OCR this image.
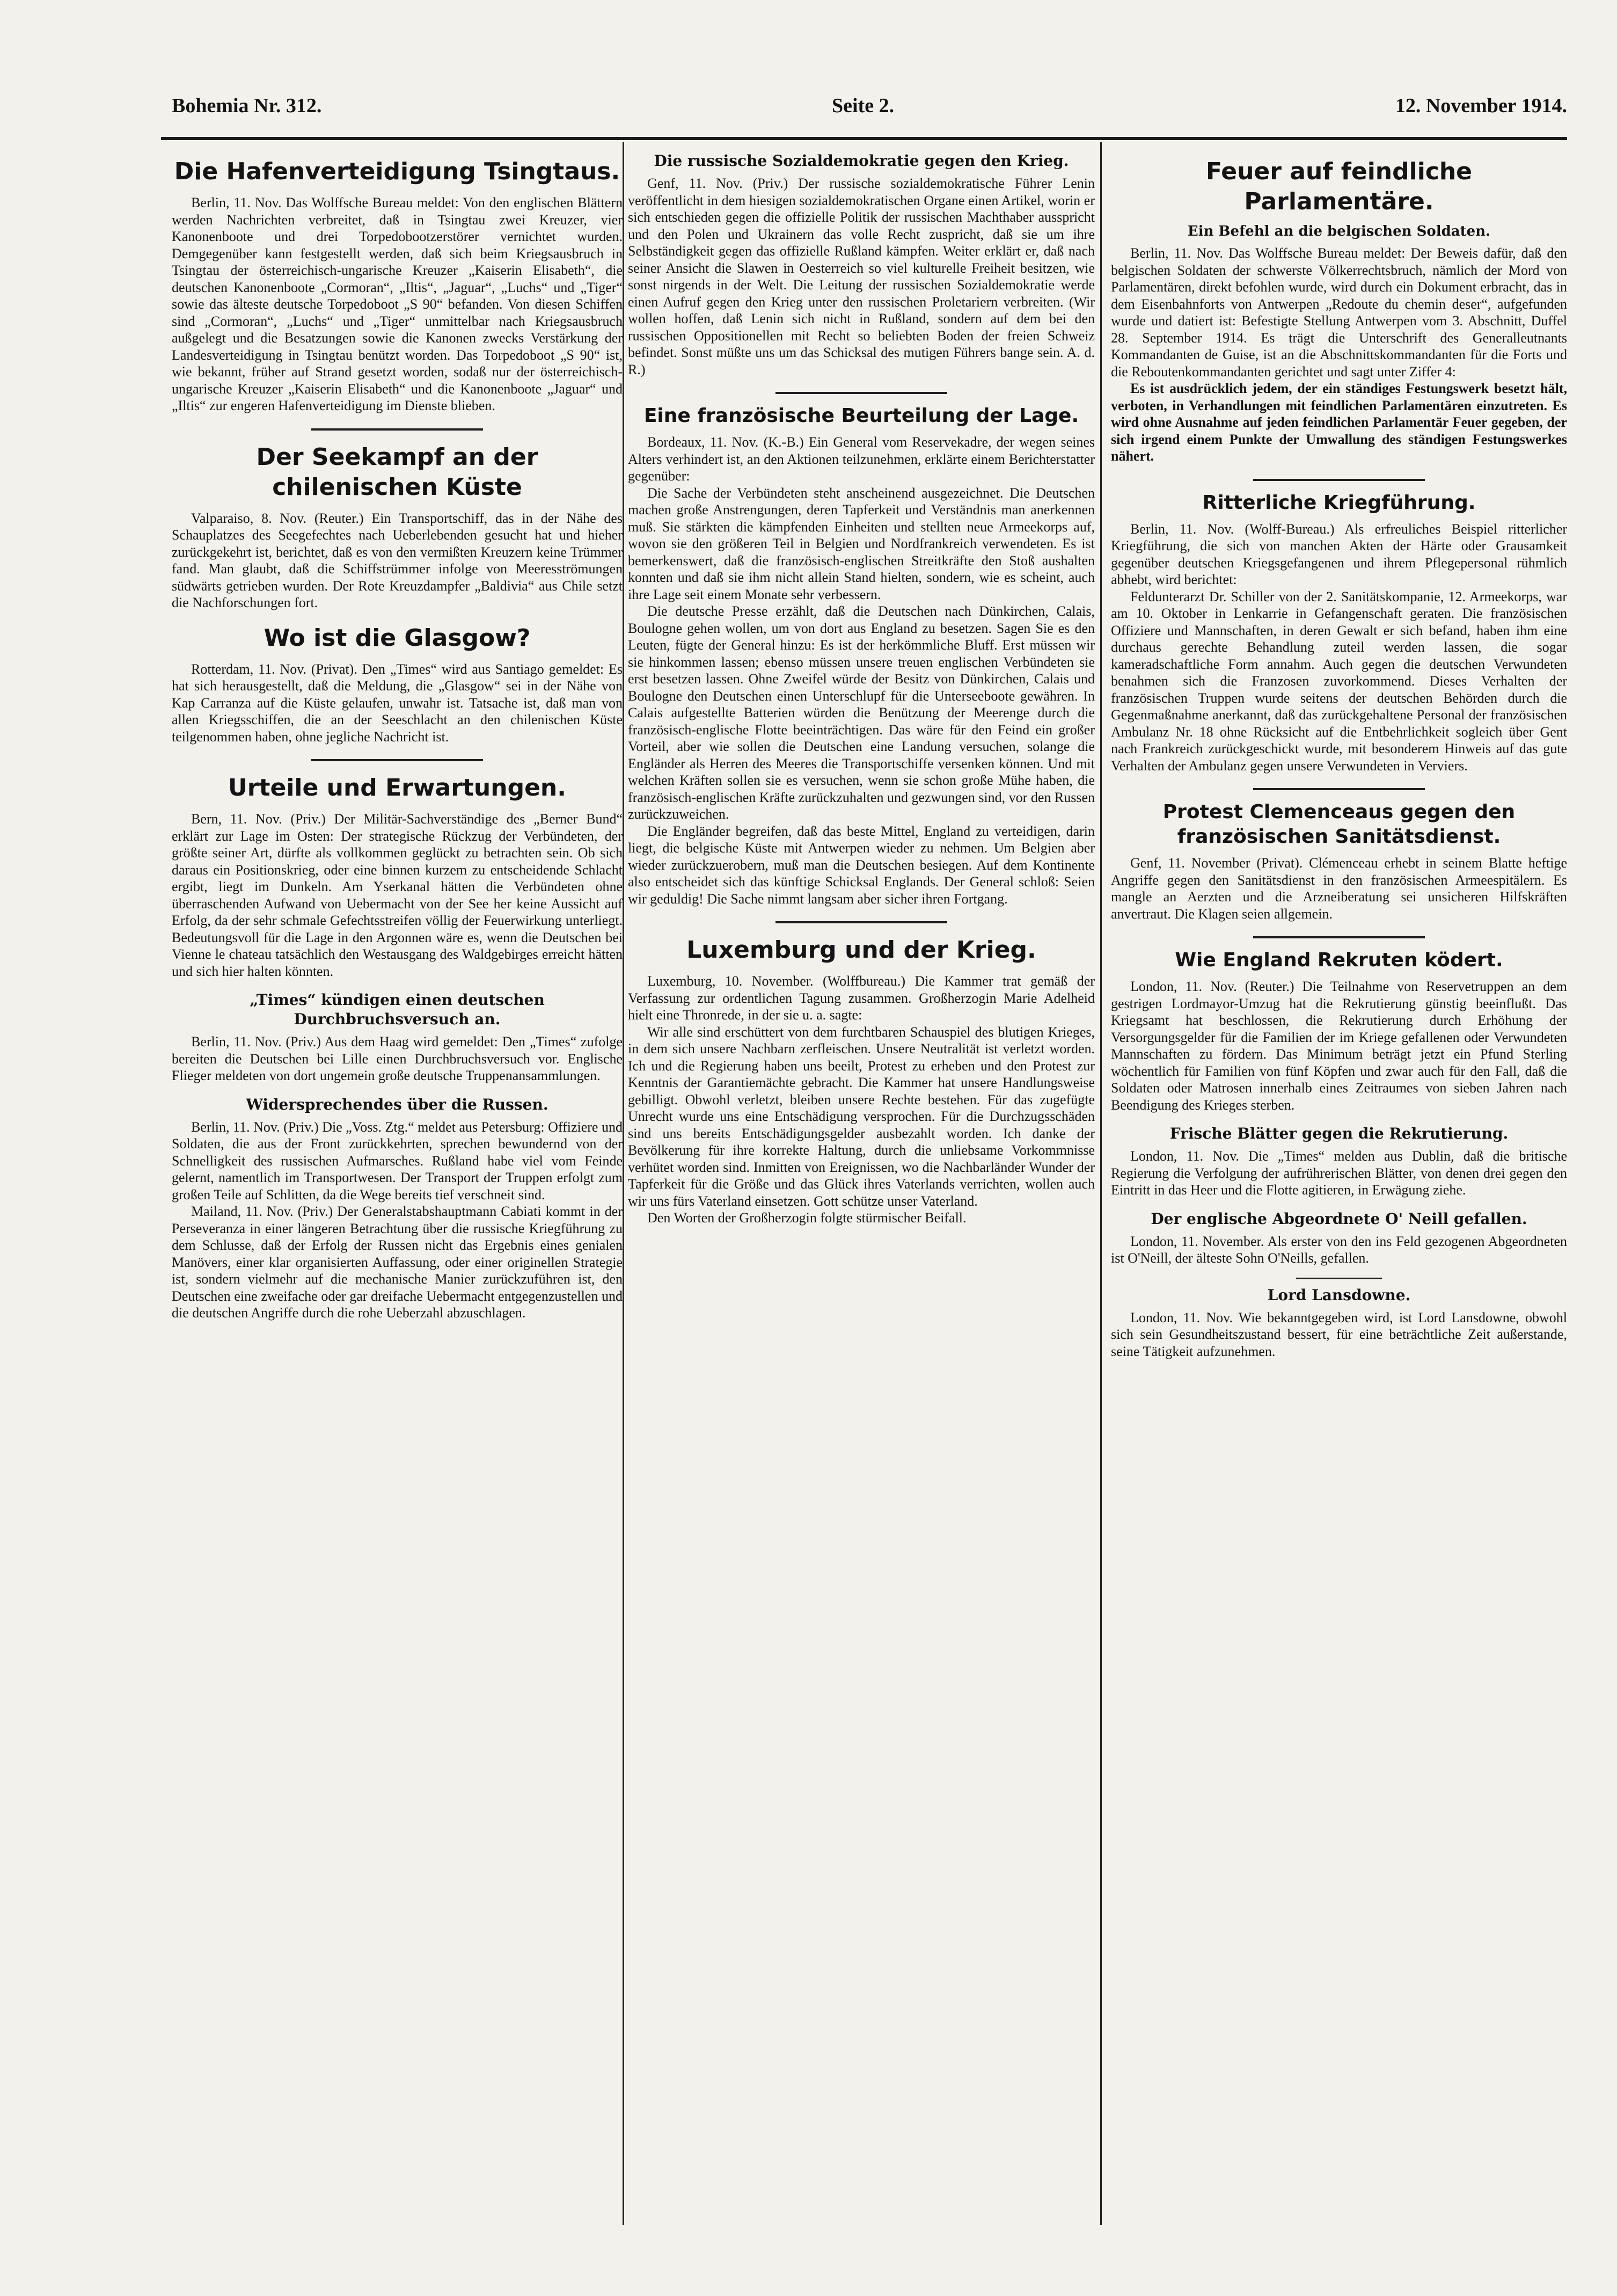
Bohemia Nr. 312.	Seite 2.	12. November 1914.
Die Hafenverteidigung Tsingtaus.

Berlin, 11. Nov. Das Wolffsche Bureau meldet: Von den englischen Blättern werden Nachrichten verbreitet, daß in Tsingtau zwei Kreuzer, vier Kanonenboote und drei Torpedobootzerstörer vernichtet wurden. Demgegenüber kann festgestellt werden, daß sich beim Kriegsausbruch in Tsingtau der österreichisch-ungarische Kreuzer „Kaiserin Elisabeth“, die deutschen Kanonenboote „Cormoran“, „Iltis“, „Jaguar“, „Luchs“ und „Tiger“ sowie das älteste deutsche Torpedoboot „S 90“ befanden. Von diesen Schiffen sind „Cormoran“, „Luchs“ und „Tiger“ unmittelbar nach Kriegsausbruch außgelegt und die Besatzungen sowie die Kanonen zwecks Verstärkung der Landesverteidigung in Tsingtau benützt worden. Das Torpedoboot „S 90“ ist, wie bekannt, früher auf Strand gesetzt worden, sodaß nur der österreichisch-ungarische Kreuzer „Kaiserin Elisabeth“ und die Kanonenboote „Jaguar“ und „Iltis“ zur engeren Hafenverteidigung im Dienste blieben.

Der Seekampf an der chilenischen Küste

Valparaiso, 8. Nov. (Reuter.) Ein Transportschiff, das in der Nähe des Schauplatzes des Seegefechtes nach Ueberlebenden gesucht hat und hieher zurückgekehrt ist, berichtet, daß es von den vermißten Kreuzern keine Trümmer fand. Man glaubt, daß die Schiffstrümmer infolge von Meeresströmungen südwärts getrieben wurden. Der Rote Kreuzdampfer „Baldivia“ aus Chile setzt die Nachforschungen fort.

Wo ist die Glasgow?

Rotterdam, 11. Nov. (Privat). Den „Times“ wird aus Santiago gemeldet: Es hat sich herausgestellt, daß die Meldung, die „Glasgow“ sei in der Nähe von Kap Carranza auf die Küste gelaufen, unwahr ist. Tatsache ist, daß man von allen Kriegsschiffen, die an der Seeschlacht an den chilenischen Küste teilgenommen haben, ohne jegliche Nachricht ist.

Urteile und Erwartungen.

Bern, 11. Nov. (Priv.) Der Militär-Sachverständige des „Berner Bund“ erklärt zur Lage im Osten: Der strategische Rückzug der Verbündeten, der größte seiner Art, dürfte als vollkommen geglückt zu betrachten sein. Ob sich daraus ein Positionskrieg, oder eine binnen kurzem zu entscheidende Schlacht ergibt, liegt im Dunkeln. Am Yserkanal hätten die Verbündeten ohne überraschenden Aufwand von Uebermacht von der See her keine Aussicht auf Erfolg, da der sehr schmale Gefechtsstreifen völlig der Feuerwirkung unterliegt. Bedeutungsvoll für die Lage in den Argonnen wäre es, wenn die Deutschen bei Vienne le chateau tatsächlich den Westausgang des Waldgebirges erreicht hätten und sich hier halten könnten.

„Times“ kündigen einen deutschen Durchbruchsversuch an.

Berlin, 11. Nov. (Priv.) Aus dem Haag wird gemeldet: Den „Times“ zufolge bereiten die Deutschen bei Lille einen Durchbruchsversuch vor. Englische Flieger meldeten von dort ungemein große deutsche Truppenansammlungen.

Widersprechendes über die Russen.

Berlin, 11. Nov. (Priv.) Die „Voss. Ztg.“ meldet aus Petersburg: Offiziere und Soldaten, die aus der Front zurückkehrten, sprechen bewundernd von der Schnelligkeit des russischen Aufmarsches. Rußland habe viel vom Feinde gelernt, namentlich im Transportwesen. Der Transport der Truppen erfolgt zum großen Teile auf Schlitten, da die Wege bereits tief verschneit sind.

Mailand, 11. Nov. (Priv.) Der Generalstabshauptmann Cabiati kommt in der Perseveranza in einer längeren Betrachtung über die russische Kriegführung zu dem Schlusse, daß der Erfolg der Russen nicht das Ergebnis eines genialen Manövers, einer klar organisierten Auffassung, oder einer originellen Strategie ist, sondern vielmehr auf die mechanische Manier zurückzuführen ist, den Deutschen eine zweifache oder gar dreifache Uebermacht entgegenzustellen und die deutschen Angriffe durch die rohe Ueberzahl abzuschlagen.

Die russische Sozialdemokratie gegen den Krieg.

Genf, 11. Nov. (Priv.) Der russische sozialdemokratische Führer Lenin veröffentlicht in dem hiesigen sozialdemokratischen Organe einen Artikel, worin er sich entschieden gegen die offizielle Politik der russischen Machthaber ausspricht und den Polen und Ukrainern das volle Recht zuspricht, daß sie um ihre Selbständigkeit gegen das offizielle Rußland kämpfen. Weiter erklärt er, daß nach seiner Ansicht die Slawen in Oesterreich so viel kulturelle Freiheit besitzen, wie sonst nirgends in der Welt. Die Leitung der russischen Sozialdemokratie werde einen Aufruf gegen den Krieg unter den russischen Proletariern verbreiten. (Wir wollen hoffen, daß Lenin sich nicht in Rußland, sondern auf dem bei den russischen Oppositionellen mit Recht so beliebten Boden der freien Schweiz befindet. Sonst müßte uns um das Schicksal des mutigen Führers bange sein. A. d. R.)

Eine französische Beurteilung der Lage.

Bordeaux, 11. Nov. (K.-B.) Ein General vom Reservekadre, der wegen seines Alters verhindert ist, an den Aktionen teilzunehmen, erklärte einem Berichterstatter gegenüber:

Die Sache der Verbündeten steht anscheinend ausgezeichnet. Die Deutschen machen große Anstrengungen, deren Tapferkeit und Verständnis man anerkennen muß. Sie stärkten die kämpfenden Einheiten und stellten neue Armeekorps auf, wovon sie den größeren Teil in Belgien und Nordfrankreich verwendeten. Es ist bemerkenswert, daß die französisch-englischen Streitkräfte den Stoß aushalten konnten und daß sie ihm nicht allein Stand hielten, sondern, wie es scheint, auch ihre Lage seit einem Monate sehr verbessern.

Die deutsche Presse erzählt, daß die Deutschen nach Dünkirchen, Calais, Boulogne gehen wollen, um von dort aus England zu besetzen. Sagen Sie es den Leuten, fügte der General hinzu: Es ist der herkömmliche Bluff. Erst müssen wir sie hinkommen lassen; ebenso müssen unsere treuen englischen Verbündeten sie erst besetzen lassen. Ohne Zweifel würde der Besitz von Dünkirchen, Calais und Boulogne den Deutschen einen Unterschlupf für die Unterseeboote gewähren. In Calais aufgestellte Batterien würden die Benützung der Meerenge durch die französisch-englische Flotte beeinträchtigen. Das wäre für den Feind ein großer Vorteil, aber wie sollen die Deutschen eine Landung versuchen, solange die Engländer als Herren des Meeres die Transportschiffe versenken können. Und mit welchen Kräften sollen sie es versuchen, wenn sie schon große Mühe haben, die französisch-englischen Kräfte zurückzuhalten und gezwungen sind, vor den Russen zurückzuweichen.

Die Engländer begreifen, daß das beste Mittel, England zu verteidigen, darin liegt, die belgische Küste mit Antwerpen wieder zu nehmen. Um Belgien aber wieder zurückzuerobern, muß man die Deutschen besiegen. Auf dem Kontinente also entscheidet sich das künftige Schicksal Englands. Der General schloß: Seien wir geduldig! Die Sache nimmt langsam aber sicher ihren Fortgang.

Luxemburg und der Krieg.

Luxemburg, 10. November. (Wolffbureau.) Die Kammer trat gemäß der Verfassung zur ordentlichen Tagung zusammen. Großherzogin Marie Adelheid hielt eine Thronrede, in der sie u. a. sagte:

Wir alle sind erschüttert von dem furchtbaren Schauspiel des blutigen Krieges, in dem sich unsere Nachbarn zerfleischen. Unsere Neutralität ist verletzt worden. Ich und die Regierung haben uns beeilt, Protest zu erheben und den Protest zur Kenntnis der Garantiemächte gebracht. Die Kammer hat unsere Handlungsweise gebilligt. Obwohl verletzt, bleiben unsere Rechte bestehen. Für das zugefügte Unrecht wurde uns eine Entschädigung versprochen. Für die Durchzugsschäden sind uns bereits Entschädigungsgelder ausbezahlt worden. Ich danke der Bevölkerung für ihre korrekte Haltung, durch die unliebsame Vorkommnisse verhütet worden sind. Inmitten von Ereignissen, wo die Nachbarländer Wunder der Tapferkeit für die Größe und das Glück ihres Vaterlands verrichten, wollen auch wir uns fürs Vaterland einsetzen. Gott schütze unser Vaterland.

Den Worten der Großherzogin folgte stürmischer Beifall.

Feuer auf feindliche Parlamentäre.
Ein Befehl an die belgischen Soldaten.

Berlin, 11. Nov. Das Wolffsche Bureau meldet: Der Beweis dafür, daß den belgischen Soldaten der schwerste Völkerrechtsbruch, nämlich der Mord von Parlamentären, direkt befohlen wurde, wird durch ein Dokument erbracht, das in dem Eisenbahnforts von Antwerpen „Redoute du chemin deser“, aufgefunden wurde und datiert ist: Befestigte Stellung Antwerpen vom 3. Abschnitt, Duffel 28. September 1914. Es trägt die Unterschrift des Generalleutnants Kommandanten de Guise, ist an die Abschnittskommandanten für die Forts und die Reboutenkommandanten gerichtet und sagt unter Ziffer 4:

Es ist ausdrücklich jedem, der ein ständiges Festungswerk besetzt hält, verboten, in Verhandlungen mit feindlichen Parlamentären einzutreten. Es wird ohne Ausnahme auf jeden feindlichen Parlamentär Feuer gegeben, der sich irgend einem Punkte der Umwallung des ständigen Festungswerkes nähert.

Ritterliche Kriegführung.

Berlin, 11. Nov. (Wolff-Bureau.) Als erfreuliches Beispiel ritterlicher Kriegführung, die sich von manchen Akten der Härte oder Grausamkeit gegenüber deutschen Kriegsgefangenen und ihrem Pflegepersonal rühmlich abhebt, wird berichtet:

Feldunterarzt Dr. Schiller von der 2. Sanitätskompanie, 12. Armeekorps, war am 10. Oktober in Lenkarrie in Gefangenschaft geraten. Die französischen Offiziere und Mannschaften, in deren Gewalt er sich befand, haben ihm eine durchaus gerechte Behandlung zuteil werden lassen, die sogar kameradschaftliche Form annahm. Auch gegen die deutschen Verwundeten benahmen sich die Franzosen zuvorkommend. Dieses Verhalten der französischen Truppen wurde seitens der deutschen Behörden durch die Gegenmaßnahme anerkannt, daß das zurückgehaltene Personal der französischen Ambulanz Nr. 18 ohne Rücksicht auf die Entbehrlichkeit sogleich über Gent nach Frankreich zurückgeschickt wurde, mit besonderem Hinweis auf das gute Verhalten der Ambulanz gegen unsere Verwundeten in Verviers.

Protest Clemenceaus gegen den französischen Sanitätsdienst.

Genf, 11. November (Privat). Clémenceau erhebt in seinem Blatte heftige Angriffe gegen den Sanitätsdienst in den französischen Armeespitälern. Es mangle an Aerzten und die Arzneiberatung sei unsicheren Hilfskräften anvertraut. Die Klagen seien allgemein.

Wie England Rekruten ködert.

London, 11. Nov. (Reuter.) Die Teilnahme von Reservetruppen an dem gestrigen Lordmayor-Umzug hat die Rekrutierung günstig beeinflußt. Das Kriegsamt hat beschlossen, die Rekrutierung durch Erhöhung der Versorgungsgelder für die Familien der im Kriege gefallenen oder Verwundeten Mannschaften zu fördern. Das Minimum beträgt jetzt ein Pfund Sterling wöchentlich für Familien von fünf Köpfen und zwar auch für den Fall, daß die Soldaten oder Matrosen innerhalb eines Zeitraumes von sieben Jahren nach Beendigung des Krieges sterben.

Frische Blätter gegen die Rekrutierung.

London, 11. Nov. Die „Times“ melden aus Dublin, daß die britische Regierung die Verfolgung der aufrührerischen Blätter, von denen drei gegen den Eintritt in das Heer und die Flotte agitieren, in Erwägung ziehe.

Der englische Abgeordnete O' Neill gefallen.

London, 11. November. Als erster von den ins Feld gezogenen Abgeordneten ist O'Neill, der älteste Sohn O'Neills, gefallen.

Lord Lansdowne.

London, 11. Nov. Wie bekanntgegeben wird, ist Lord Lansdowne, obwohl sich sein Gesundheitszustand bessert, für eine beträchtliche Zeit außerstande, seine Tätigkeit aufzunehmen.
